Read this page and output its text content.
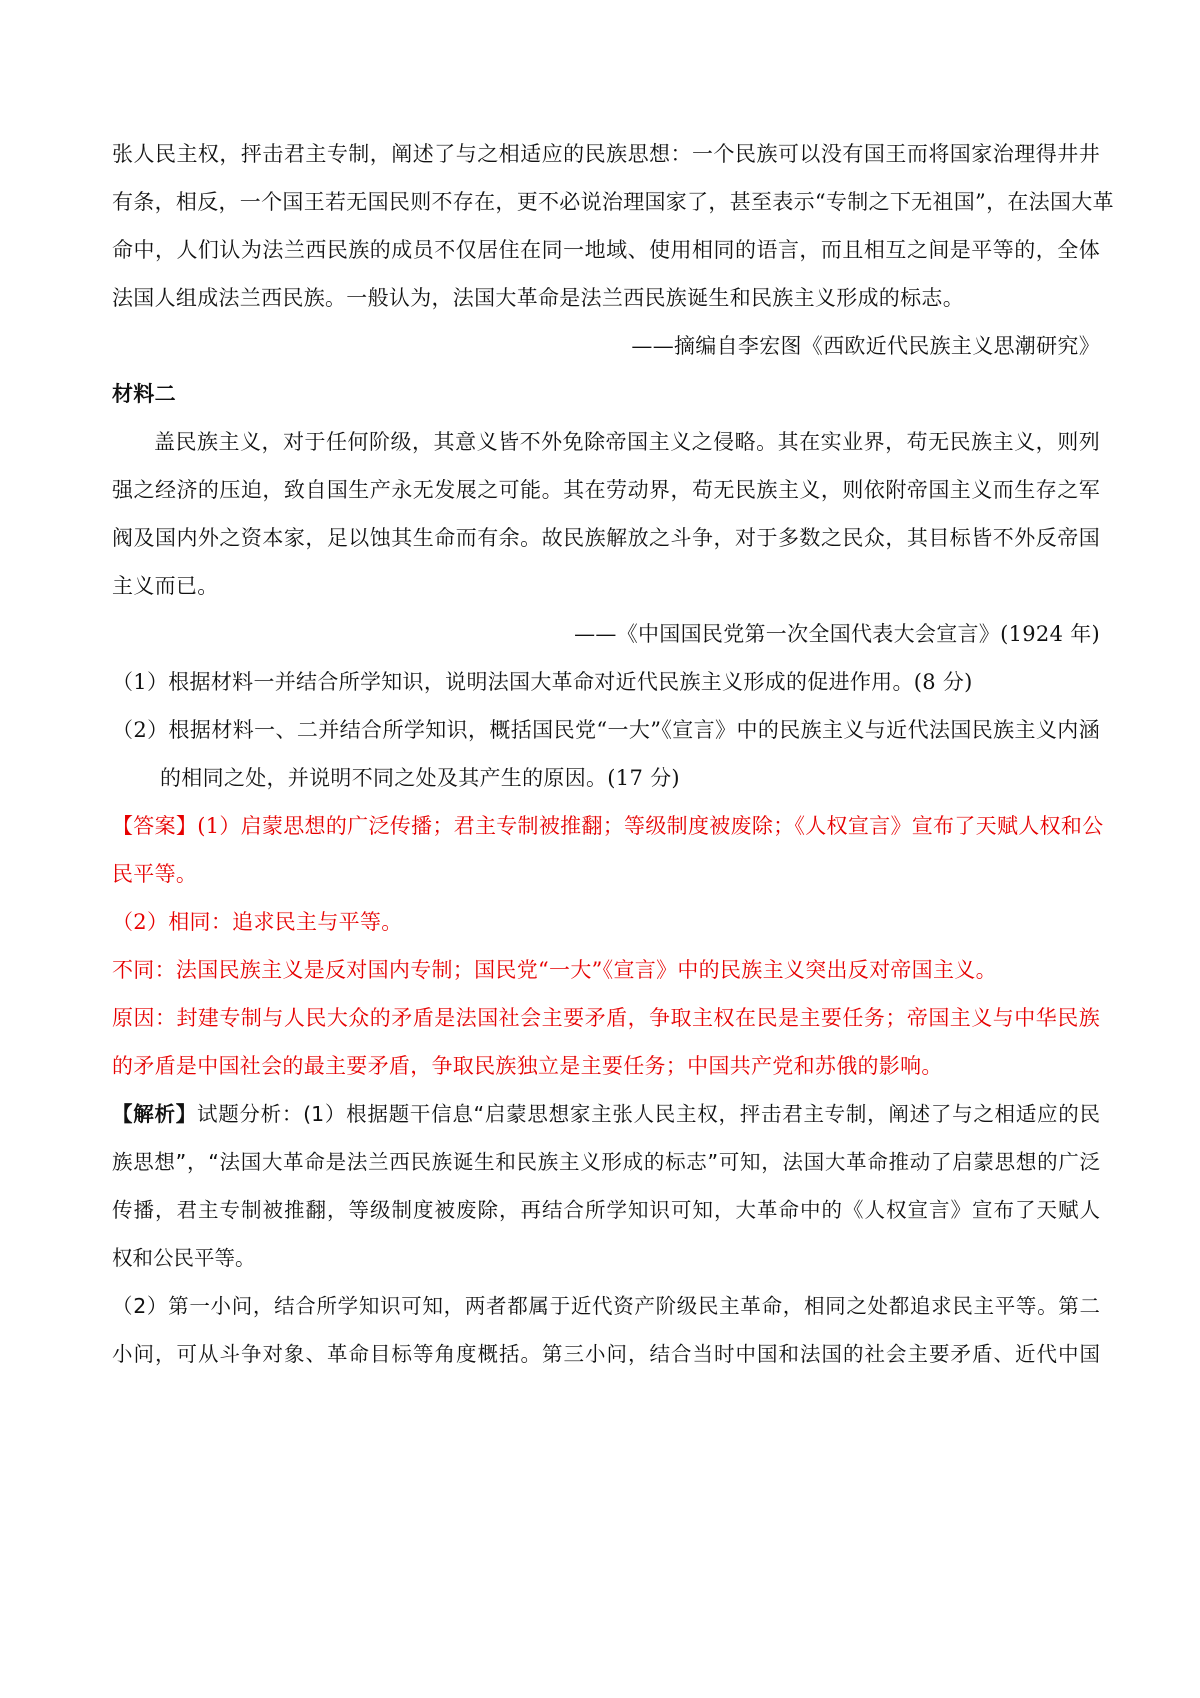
张人民主权，抨击君主专制，阐述了与之相适应的民族思想：一个民族可以没有国王而将国家治理得井井
有条，相反，一个国王若无国民则不存在，更不必说治理国家了，甚至表示“专制之下无祖国”，在法国大革
命中，人们认为法兰西民族的成员不仅居住在同一地域、使用相同的语言，而且相互之间是平等的，全体
法国人组成法兰西民族。一般认为，法国大革命是法兰西民族诞生和民族主义形成的标志。
——摘编自李宏图《西欧近代民族主义思潮研究》
材料二
盖民族主义，对于任何阶级，其意义皆不外免除帝国主义之侵略。其在实业界，苟无民族主义，则列
强之经济的压迫，致自国生产永无发展之可能。其在劳动界，苟无民族主义，则依附帝国主义而生存之军
阀及国内外之资本家，足以蚀其生命而有余。故民族解放之斗争，对于多数之民众，其目标皆不外反帝国
主义而已。
——《中国国民党第一次全国代表大会宣言》(1924 年)
（1）根据材料一并结合所学知识，说明法国大革命对近代民族主义形成的促进作用。(8 分)
（2）根据材料一、二并结合所学知识，概括国民党“一大”《宣言》中的民族主义与近代法国民族主义内涵
的相同之处，并说明不同之处及其产生的原因。(17 分)
【答案】(1）启蒙思想的广泛传播；君主专制被推翻；等级制度被废除；《人权宣言》宣布了天赋人权和公
民平等。
（2）相同：追求民主与平等。
不同：法国民族主义是反对国内专制；国民党“一大”《宣言》中的民族主义突出反对帝国主义。
原因：封建专制与人民大众的矛盾是法国社会主要矛盾，争取主权在民是主要任务；帝国主义与中华民族
的矛盾是中国社会的最主要矛盾，争取民族独立是主要任务；中国共产党和苏俄的影响。
【解析】试题分析：(1）根据题干信息“启蒙思想家主张人民主权，抨击君主专制，阐述了与之相适应的民
族思想”，“法国大革命是法兰西民族诞生和民族主义形成的标志”可知，法国大革命推动了启蒙思想的广泛
传播，君主专制被推翻，等级制度被废除，再结合所学知识可知，大革命中的《人权宣言》宣布了天赋人
权和公民平等。
（2）第一小问，结合所学知识可知，两者都属于近代资产阶级民主革命，相同之处都追求民主平等。第二
小问，可从斗争对象、革命目标等角度概括。第三小问，结合当时中国和法国的社会主要矛盾、近代中国
